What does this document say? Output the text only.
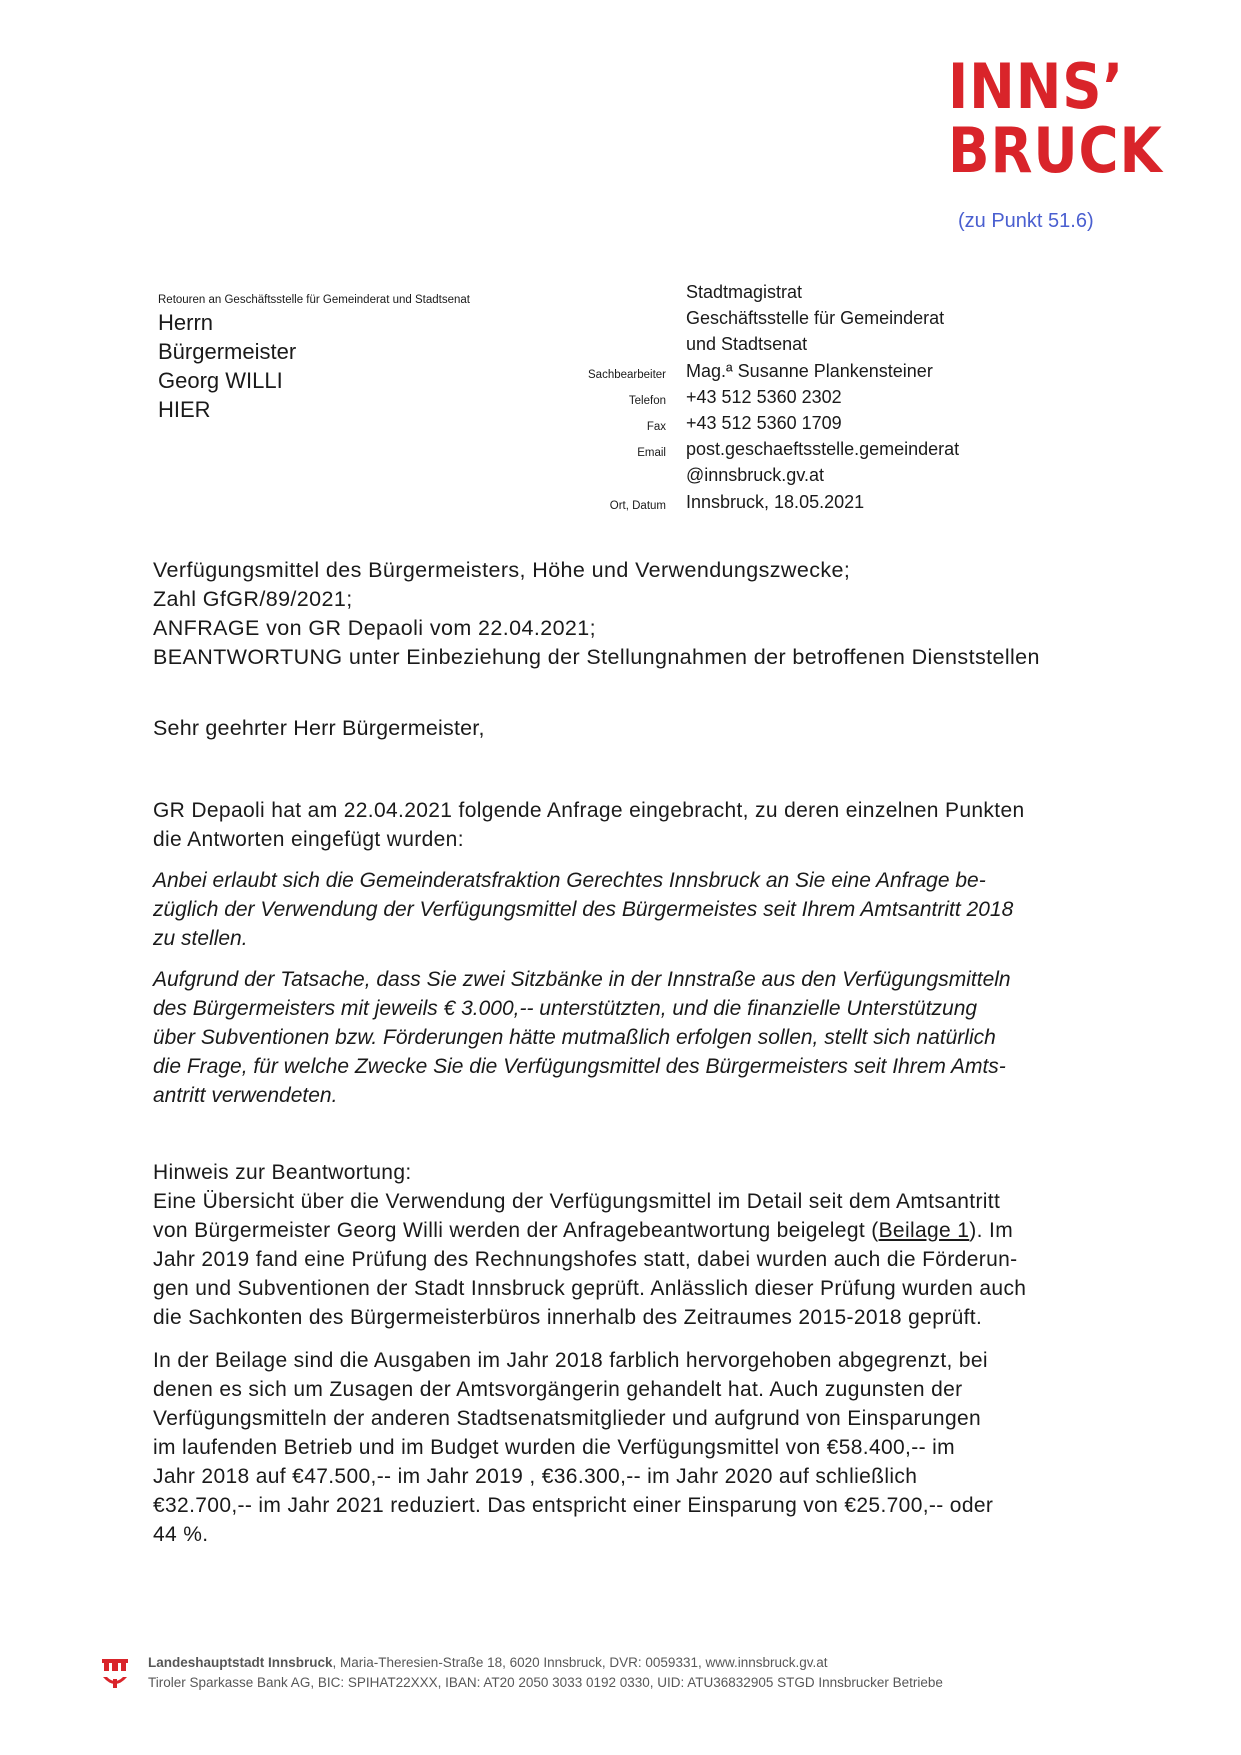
INNS’
BRUCK
(zu Punkt 51.6)
Retouren an Geschäftsstelle für Gemeinderat und Stadtsenat
Herrn
Bürgermeister
Georg WILLI
HIER
Stadtmagistrat
Geschäftsstelle für Gemeinderat
und Stadtsenat
Sachbearbeiter Mag.ª Susanne Plankensteiner
Telefon +43 512 5360 2302
Fax +43 512 5360 1709
Email post.geschaeftsstelle.gemeinderat
@innsbruck.gv.at
Ort, Datum Innsbruck, 18.05.2021
Verfügungsmittel des Bürgermeisters, Höhe und Verwendungszwecke;
Zahl GfGR/89/2021;
ANFRAGE von GR Depaoli vom 22.04.2021;
BEANTWORTUNG unter Einbeziehung der Stellungnahmen der betroffenen Dienststellen
Sehr geehrter Herr Bürgermeister,
GR Depaoli hat am 22.04.2021 folgende Anfrage eingebracht, zu deren einzelnen Punkten
die Antworten eingefügt wurden:
Anbei erlaubt sich die Gemeinderatsfraktion Gerechtes Innsbruck an Sie eine Anfrage be-
züglich der Verwendung der Verfügungsmittel des Bürgermeistes seit Ihrem Amtsantritt 2018
zu stellen.
Aufgrund der Tatsache, dass Sie zwei Sitzbänke in der Innstraße aus den Verfügungsmitteln
des Bürgermeisters mit jeweils € 3.000,-- unterstützten, und die finanzielle Unterstützung
über Subventionen bzw. Förderungen hätte mutmaßlich erfolgen sollen, stellt sich natürlich
die Frage, für welche Zwecke Sie die Verfügungsmittel des Bürgermeisters seit Ihrem Amts-
antritt verwendeten.
Hinweis zur Beantwortung:
Eine Übersicht über die Verwendung der Verfügungsmittel im Detail seit dem Amtsantritt
von Bürgermeister Georg Willi werden der Anfragebeantwortung beigelegt (Beilage 1). Im
Jahr 2019 fand eine Prüfung des Rechnungshofes statt, dabei wurden auch die Förderun-
gen und Subventionen der Stadt Innsbruck geprüft. Anlässlich dieser Prüfung wurden auch
die Sachkonten des Bürgermeisterbüros innerhalb des Zeitraumes 2015-2018 geprüft.
In der Beilage sind die Ausgaben im Jahr 2018 farblich hervorgehoben abgegrenzt, bei
denen es sich um Zusagen der Amtsvorgängerin gehandelt hat. Auch zugunsten der
Verfügungsmitteln der anderen Stadtsenatsmitglieder und aufgrund von Einsparungen
im laufenden Betrieb und im Budget wurden die Verfügungsmittel von €58.400,-- im
Jahr 2018 auf €47.500,-- im Jahr 2019 , €36.300,-- im Jahr 2020 auf schließlich
€32.700,-- im Jahr 2021 reduziert. Das entspricht einer Einsparung von €25.700,-- oder
44 %.
Landeshauptstadt Innsbruck, Maria-Theresien-Straße 18, 6020 Innsbruck, DVR: 0059331, www.innsbruck.gv.at
Tiroler Sparkasse Bank AG, BIC: SPIHAT22XXX, IBAN: AT20 2050 3033 0192 0330, UID: ATU36832905 STGD Innsbrucker Betriebe
